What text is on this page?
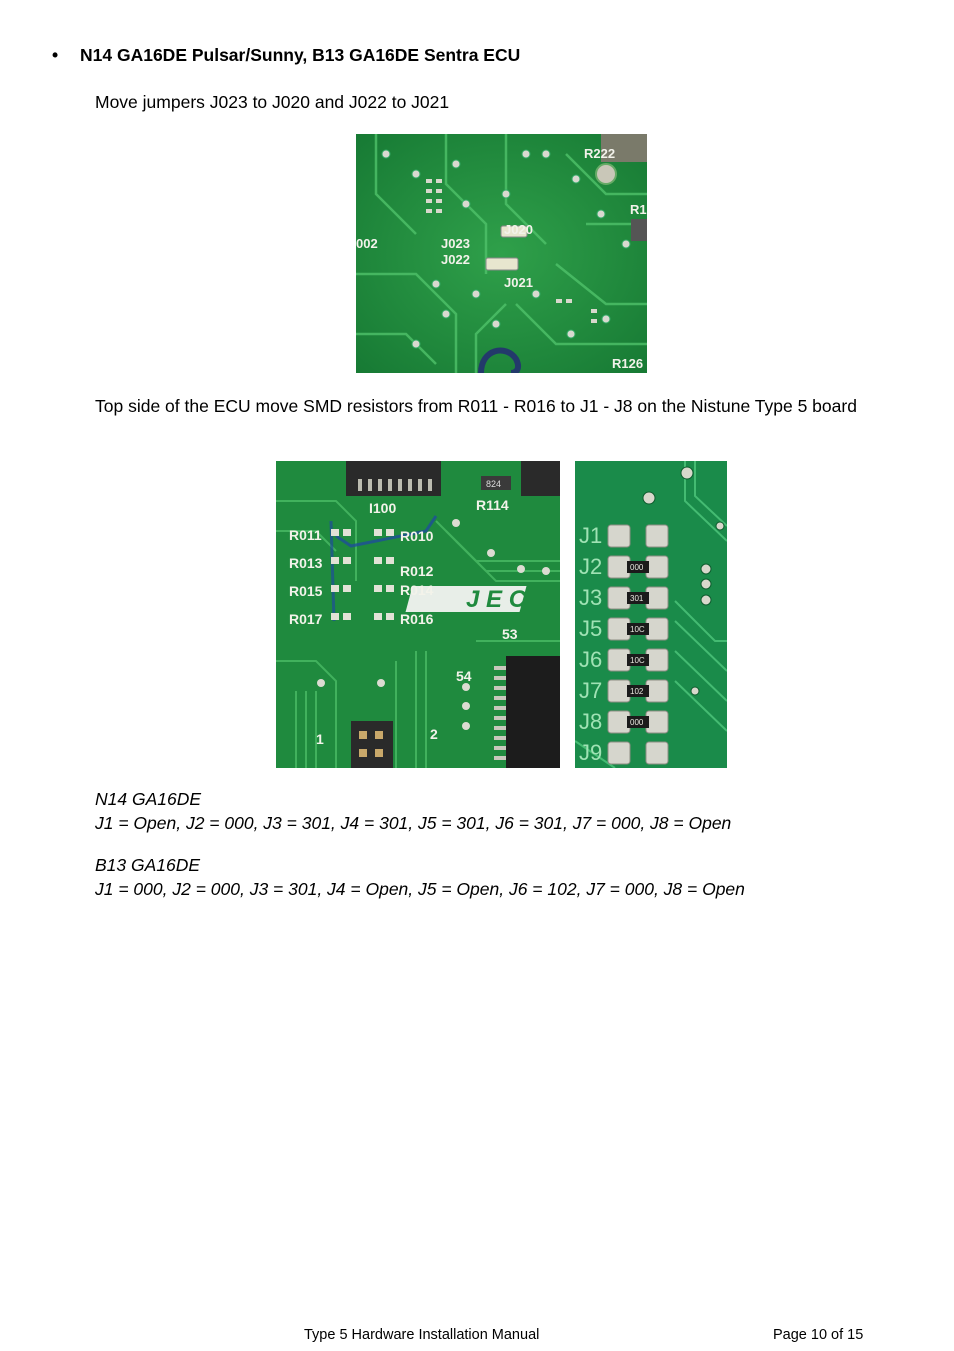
• N14 GA16DE Pulsar/Sunny, B13 GA16DE Sentra ECU
Move jumpers J023 to J020 and J022 to J021
J020
J023
J022
J021
002
R222
R126
R1
Top side of the ECU move SMD resistors from R011 - R016 to J1 - J8 on the Nistune Type 5 board
824
J E C
I100	R114
R011
R013
R015
R017
R010
R012
R014
R016
53
54
1	2
J1
J2	000
J3	301
J5	10C
J6	10C
J7	102
J8	000
J9
N14 GA16DE
J1 = Open, J2 = 000, J3 = 301, J4 = 301, J5 = 301, J6 = 301, J7 = 000, J8 = Open
B13 GA16DE
J1 = 000, J2 = 000, J3 = 301, J4 = Open, J5 = Open, J6 = 102, J7 = 000, J8 = Open
Type 5 Hardware Installation Manual	Page 10 of 15
